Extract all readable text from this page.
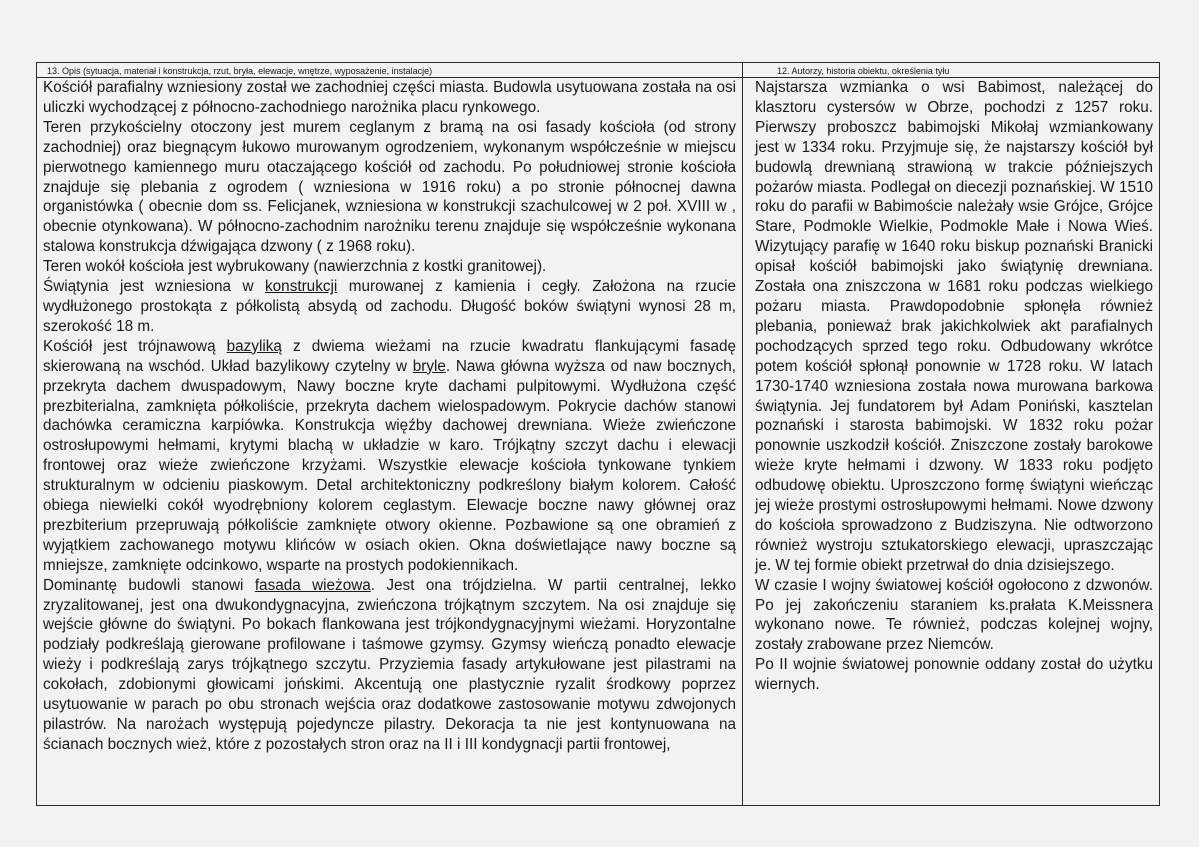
13. Opis (sytuacja, materiał i konstrukcja, rzut, bryła, elewacje, wnętrze, wyposażenie, instalacje)

Kościół parafialny wzniesiony został we zachodniej części miasta. Budowla usytuowana została na osi uliczki wychodzącej z północno-zachodniego narożnika placu rynkowego.

Teren przykościelny otoczony jest murem ceglanym z bramą na osi fasady kościoła (od strony zachodniej) oraz biegnącym łukowo murowanym ogrodzeniem, wykonanym współcześnie w miejscu pierwotnego kamiennego muru otaczającego kościół od zachodu. Po południowej stronie kościoła znajduje się plebania z ogrodem ( wzniesiona w 1916 roku) a po stronie północnej dawna organistówka ( obecnie dom ss. Felicjanek, wzniesiona w konstrukcji szachulcowej w 2 poł. XVIII w , obecnie otynkowana). W północno-zachodnim narożniku terenu znajduje się współcześnie wykonana stalowa konstrukcja dźwigająca dzwony ( z 1968 roku).

Teren wokół kościoła jest wybrukowany (nawierzchnia z kostki granitowej).

Świątynia jest wzniesiona w konstrukcji murowanej z kamienia i cegły. Założona na rzucie wydłużonego prostokąta z półkolistą absydą od zachodu. Długość boków świątyni wynosi 28 m, szerokość 18 m.

Kościół jest trójnawową bazyliką z dwiema wieżami na rzucie kwadratu flankującymi fasadę skierowaną na wschód. Układ bazylikowy czytelny w bryle. Nawa główna wyższa od naw bocznych, przekryta dachem dwuspadowym, Nawy boczne kryte dachami pulpitowymi. Wydłużona część prezbiterialna, zamknięta półkoliście, przekryta dachem wielospadowym. Pokrycie dachów stanowi dachówka ceramiczna karpiówka. Konstrukcja więźby dachowej drewniana. Wieże zwieńczone ostrosłupowymi hełmami, krytymi blachą w układzie w karo. Trójkątny szczyt dachu i elewacji frontowej oraz wieże zwieńczone krzyżami. Wszystkie elewacje kościoła tynkowane tynkiem strukturalnym w odcieniu piaskowym. Detal architektoniczny podkreślony białym kolorem. Całość obiega niewielki cokół wyodrębniony kolorem ceglastym. Elewacje boczne nawy głównej oraz prezbiterium przepruwają półkoliście zamknięte otwory okienne. Pozbawione są one obramień z wyjątkiem zachowanego motywu klińców w osiach okien. Okna doświetlające nawy boczne są mniejsze, zamknięte odcinkowo, wsparte na prostych podokiennikach.

Dominantę budowli stanowi fasada wieżowa. Jest ona trójdzielna. W partii centralnej, lekko zryzalitowanej, jest ona dwukondygnacyjna, zwieńczona trójkątnym szczytem. Na osi znajduje się wejście główne do świątyni. Po bokach flankowana jest trójkondygnacyjnymi wieżami. Horyzontalne podziały podkreślają gierowane profilowane i taśmowe gzymsy. Gzymsy wieńczą ponadto elewacje wieży i podkreślają zarys trójkątnego szczytu. Przyziemia fasady artykułowane jest pilastrami na cokołach, zdobionymi głowicami jońskimi. Akcentują one plastycznie ryzalit środkowy poprzez usytuowanie w parach po obu stronach wejścia oraz dodatkowe zastosowanie motywu zdwojonych pilastrów. Na narożach występują pojedyncze pilastry. Dekoracja ta nie jest kontynuowana na ścianach bocznych wież, które z pozostałych stron oraz na II i III kondygnacji partii frontowej,

12. Autorzy, historia obiektu, określenia tyłu

Najstarsza wzmianka o wsi Babimost, należącej do klasztoru cystersów w Obrze, pochodzi z 1257 roku. Pierwszy proboszcz babimojski Mikołaj wzmiankowany jest w 1334 roku. Przyjmuje się, że najstarszy kościół był budowlą drewnianą strawioną w trakcie późniejszych pożarów miasta. Podlegał on diecezji poznańskiej. W 1510 roku do parafii w Babimoście należały wsie Grójce, Grójce Stare, Podmokle Wielkie, Podmokle Małe i Nowa Wieś. Wizytujący parafię w 1640 roku biskup poznański Branicki opisał kościół babimojski jako świątynię drewniana. Została ona zniszczona w 1681 roku podczas wielkiego pożaru miasta. Prawdopodobnie spłonęła również plebania, ponieważ brak jakichkolwiek akt parafialnych pochodzących sprzed tego roku. Odbudowany wkrótce potem kościół spłonął ponownie w 1728 roku. W latach 1730-1740 wzniesiona została nowa murowana barkowa świątynia. Jej fundatorem był Adam Poniński, kasztelan poznański i starosta babimojski. W 1832 roku pożar ponownie uszkodził kościół. Zniszczone zostały barokowe wieże kryte hełmami i dzwony. W 1833 roku podjęto odbudowę obiektu. Uproszczono formę świątyni wieńcząc jej wieże prostymi ostrosłupowymi hełmami. Nowe dzwony do kościoła sprowadzono z Budziszyna. Nie odtworzono również wystroju sztukatorskiego elewacji, upraszczając je. W tej formie obiekt przetrwał do dnia dzisiejszego.

W czasie I wojny światowej kościół ogołocono z dzwonów. Po jej zakończeniu staraniem ks.prałata K.Meissnera wykonano nowe. Te również, podczas kolejnej wojny, zostały zrabowane przez Niemców.

Po II wojnie światowej ponownie oddany został do użytku wiernych.
